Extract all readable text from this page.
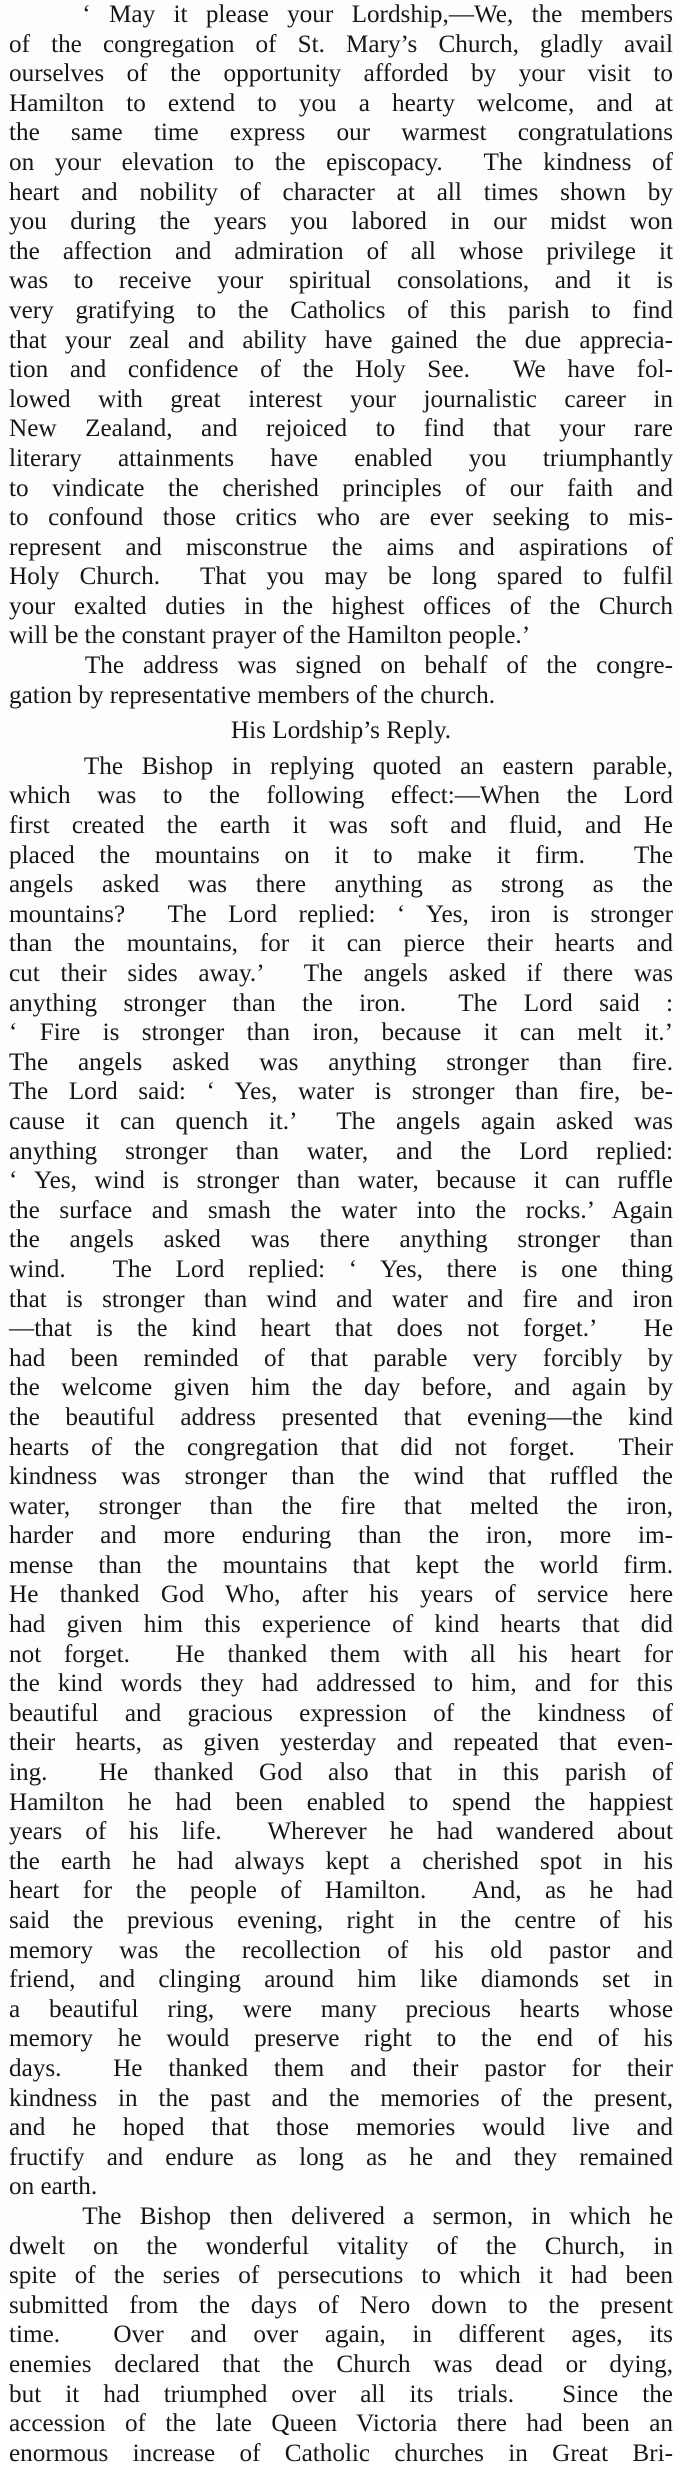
‘ May it please your Lordship,—We, the members
of the congregation of St. Mary’s Church, gladly avail
ourselves of the opportunity afforded by your visit to
Hamilton to extend to you a hearty welcome, and at
the same time express our warmest congratulations
on your elevation to the episcopacy.  The kindness of
heart and nobility of character at all times shown by
you during the years you labored in our midst won
the affection and admiration of all whose privilege it
was to receive your spiritual consolations, and it is
very gratifying to the Catholics of this parish to find
that your zeal and ability have gained the due apprecia-
tion and confidence of the Holy See.  We have fol-
lowed with great interest your journalistic career in
New Zealand, and rejoiced to find that your rare
literary attainments have enabled you triumphantly
to vindicate the cherished principles of our faith and
to confound those critics who are ever seeking to mis-
represent and misconstrue the aims and aspirations of
Holy Church.  That you may be long spared to fulfil
your exalted duties in the highest offices of the Church
will be the constant prayer of the Hamilton people.’
The address was signed on behalf of the congre-
gation by representative members of the church.
His Lordship’s Reply.
The Bishop in replying quoted an eastern parable,
which was to the following effect:—When the Lord
first created the earth it was soft and fluid, and He
placed the mountains on it to make it firm.  The
angels asked was there anything as strong as the
mountains?  The Lord replied: ‘ Yes, iron is stronger
than the mountains, for it can pierce their hearts and
cut their sides away.’  The angels asked if there was
anything stronger than the iron.  The Lord said :
‘ Fire is stronger than iron, because it can melt it.’
The angels asked was anything stronger than fire.
The Lord said: ‘ Yes, water is stronger than fire, be-
cause it can quench it.’  The angels again asked was
anything stronger than water, and the Lord replied:
‘ Yes, wind is stronger than water, because it can ruffle
the surface and smash the water into the rocks.’ Again
the angels asked was there anything stronger than
wind.  The Lord replied: ‘ Yes, there is one thing
that is stronger than wind and water and fire and iron
—that is the kind heart that does not forget.’  He
had been reminded of that parable very forcibly by
the welcome given him the day before, and again by
the beautiful address presented that evening—the kind
hearts of the congregation that did not forget.  Their
kindness was stronger than the wind that ruffled the
water, stronger than the fire that melted the iron,
harder and more enduring than the iron, more im-
mense than the mountains that kept the world firm.
He thanked God Who, after his years of service here
had given him this experience of kind hearts that did
not forget.  He thanked them with all his heart for
the kind words they had addressed to him, and for this
beautiful and gracious expression of the kindness of
their hearts, as given yesterday and repeated that even-
ing.  He thanked God also that in this parish of
Hamilton he had been enabled to spend the happiest
years of his life.  Wherever he had wandered about
the earth he had always kept a cherished spot in his
heart for the people of Hamilton.  And, as he had
said the previous evening, right in the centre of his
memory was the recollection of his old pastor and
friend, and clinging around him like diamonds set in
a beautiful ring, were many precious hearts whose
memory he would preserve right to the end of his
days.  He thanked them and their pastor for their
kindness in the past and the memories of the present,
and he hoped that those memories would live and
fructify and endure as long as he and they remained
on earth.
The Bishop then delivered a sermon, in which he
dwelt on the wonderful vitality of the Church, in
spite of the series of persecutions to which it had been
submitted from the days of Nero down to the present
time.  Over and over again, in different ages, its
enemies declared that the Church was dead or dying,
but it had triumphed over all its trials.  Since the
accession of the late Queen Victoria there had been an
enormous increase of Catholic churches in Great Bri-
